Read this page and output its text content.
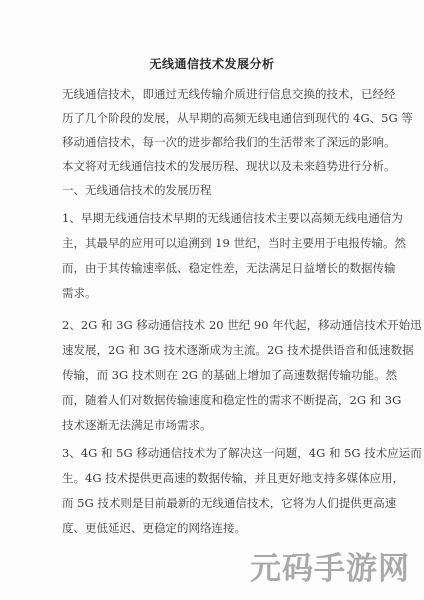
无线通信技术发展分析
无线通信技术，即通过无线传输介质进行信息交换的技术，已经经
历了几个阶段的发展，从早期的高频无线电通信到现代的 4G、5G 等
移动通信技术，每一次的进步都给我们的生活带来了深远的影响。
本文将对无线通信技术的发展历程、现状以及未来趋势进行分析。
一、无线通信技术的发展历程
1、早期无线通信技术早期的无线通信技术主要以高频无线电通信为
主，其最早的应用可以追溯到 19 世纪，当时主要用于电报传输。然
而，由于其传输速率低、稳定性差，无法满足日益增长的数据传输
需求。
2、2G 和 3G 移动通信技术 20 世纪 90 年代起，移动通信技术开始迅
速发展，2G 和 3G 技术逐渐成为主流。2G 技术提供语音和低速数据
传输，而 3G 技术则在 2G 的基础上增加了高速数据传输功能。然
而，随着人们对数据传输速度和稳定性的需求不断提高，2G 和 3G
技术逐渐无法满足市场需求。
3、4G 和 5G 移动通信技术为了解决这一问题，4G 和 5G 技术应运而
生。4G 技术提供更高速的数据传输，并且更好地支持多媒体应用，
而 5G 技术则是目前最新的无线通信技术，它将为人们提供更高速
度、更低延迟、更稳定的网络连接。
元码手游网
